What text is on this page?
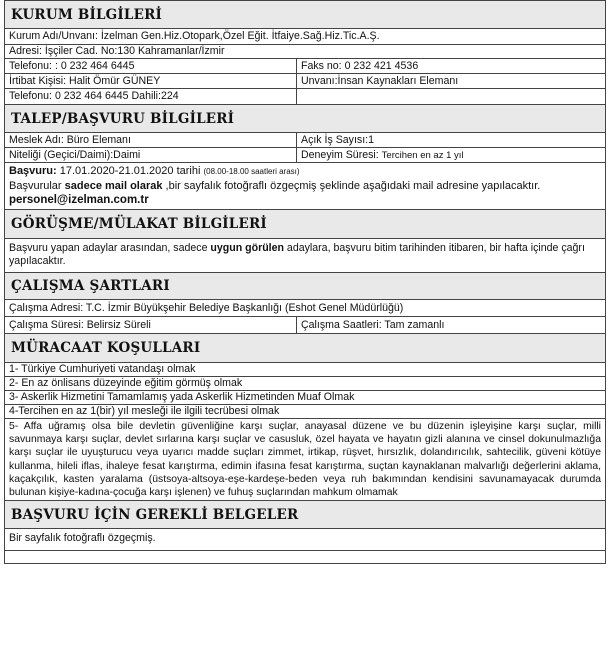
KURUM BİLGİLERİ
Kurum Adı/Unvanı: İzelman Gen.Hiz.Otopark,Özel Eğit. İtfaiye.Sağ.Hiz.Tic.A.Ş.
Adresi: İşçiler Cad. No:130 Kahramanlar/İzmir
Telefonu: : 0 232 464 6445	Faks no: 0 232 421 4536
İrtibat Kişisi: Halit Ömür GÜNEY	Unvanı:İnsan Kaynakları Elemanı
Telefonu: 0 232 464 6445 Dahili:224
TALEP/BAŞVURU BİLGİLERİ
Meslek Adı: Büro Elemanı	Açık İş Sayısı:1
Niteliği (Geçici/Daimi):Daimi	Deneyim Süresi: Tercihen en az 1 yıl
Başvuru: 17.01.2020-21.01.2020 tarihi (08.00-18.00 saatleri arası)
Başvurular sadece mail olarak ,bir sayfalık fotoğraflı özgeçmiş şeklinde aşağıdaki mail adresine yapılacaktır.
personel@izelman.com.tr
GÖRÜŞME/MÜLAKAT BİLGİLERİ
Başvuru yapan adaylar arasından, sadece uygun görülen adaylara, başvuru bitim tarihinden itibaren, bir hafta içinde çağrı yapılacaktır.
ÇALIŞMA ŞARTLARI
Çalışma Adresi: T.C. İzmir Büyükşehir Belediye Başkanlığı (Eshot Genel Müdürlüğü)
Çalışma Süresi: Belirsiz Süreli	Çalışma Saatleri: Tam zamanlı
MÜRACAAT KOŞULLARI
1- Türkiye Cumhuriyeti vatandaşı olmak
2- En az önlisans düzeyinde eğitim görmüş olmak
3- Askerlik Hizmetini Tamamlamış yada Askerlik Hizmetinden Muaf Olmak
4-Tercihen en az 1(bir) yıl mesleği ile ilgili tecrübesi olmak
5- Affa uğramış olsa bile devletin güvenliğine karşı suçlar, anayasal düzene ve bu düzenin işleyişine karşı suçlar, milli savunmaya karşı suçlar, devlet sırlarına karşı suçlar ve casusluk, özel hayata ve hayatın gizli alanına ve cinsel dokunulmazlığa karşı suçlar ile uyuşturucu veya uyarıcı madde suçları zimmet, irtikap, rüşvet, hırsızlık, dolandırıcılık, sahtecilik, güveni kötüye kullanma, hileli iflas, ihaleye fesat karıştırma, edimin ifasına fesat karıştırma, suçtan kaynaklanan malvarlığı değerlerini aklama, kaçakçılık, kasten yaralama (üstsoya-altsoya-eşe-kardeşe-beden veya ruh bakımından kendisini savunamayacak durumda bulunan kişiye-kadına-çocuğa karşı işlenen) ve fuhuş suçlarından mahkum olmamak
BAŞVURU İÇİN GEREKLİ BELGELER
Bir sayfalık fotoğraflı özgeçmiş.
